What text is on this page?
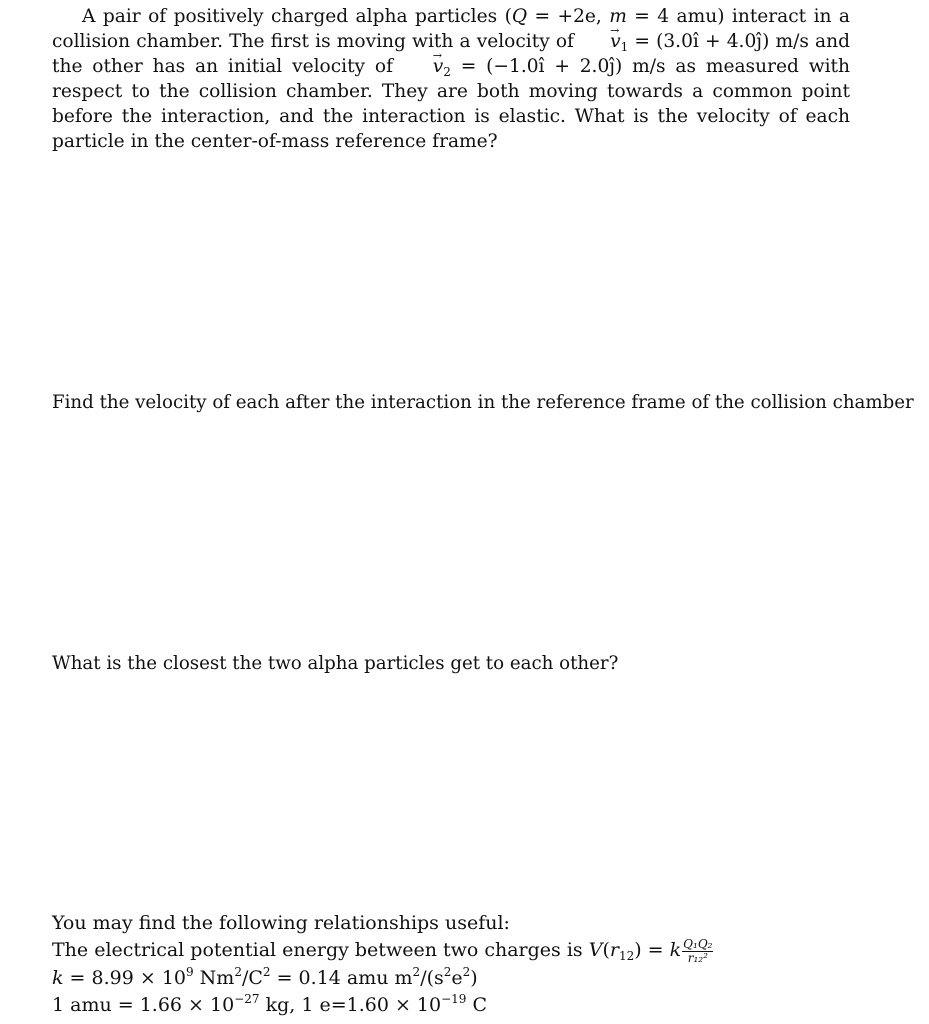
A pair of positively charged alpha particles (Q = +2e, m = 4 amu) interact in a collision chamber. The first is moving with a velocity of → $v_1$ = (3.0î + 4.0ĵ) m/s and the other has an initial velocity of → $v_2$ = (−1.0î + 2.0ĵ) m/s as measured with respect to the collision chamber. They are both moving towards a common point before the interaction, and the interaction is elastic. What is the velocity of each particle in the center-of-mass reference frame?

Find the velocity of each after the interaction in the reference frame of the collision chamber

What is the closest the two alpha particles get to each other?

You may find the following relationships useful:
The electrical potential energy between two charges is $V(r_{12}) = k \frac{\text{Q₁Q₂}}{\text{r₁₂²}}$
$k = 8.99 \times 10^9$ $Nm^2/C^2 = 0.14$ amu $m^2/(s^2e^2)$
1 amu = $1.66 \times 10^{-27}$ kg, 1 $e=1.60 \times 10^{-19}$ C
